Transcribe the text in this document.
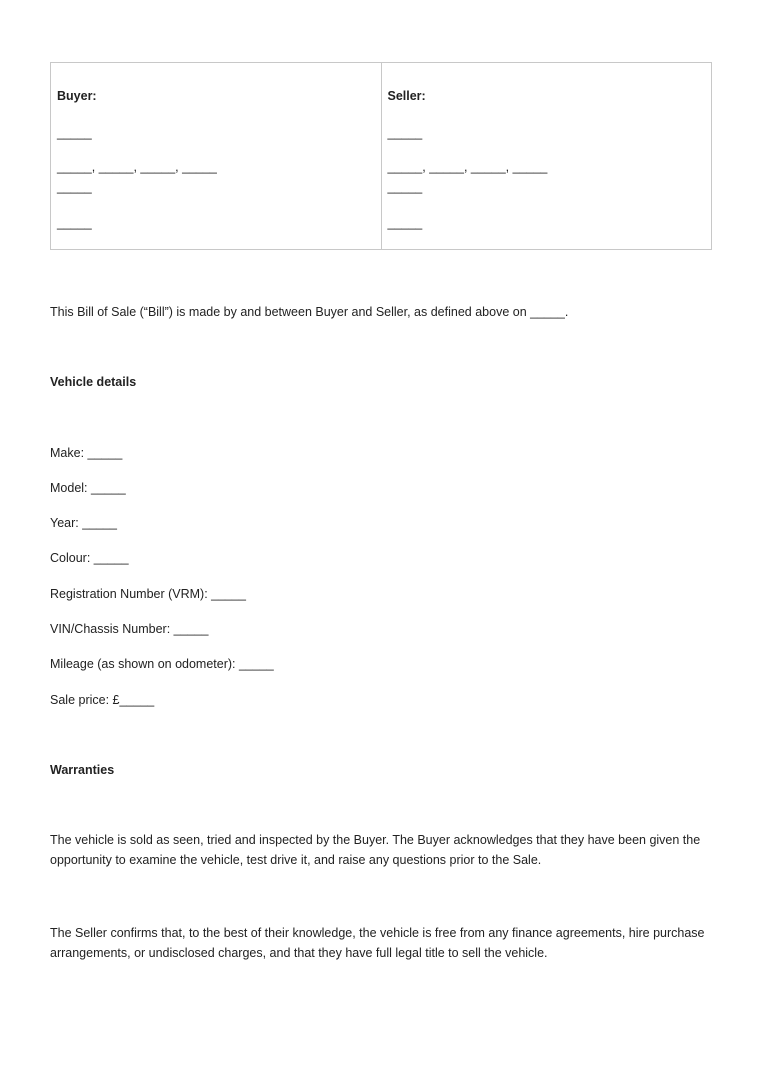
Buyer:
_____
_____, _____, _____, _____
_____
_____
Seller:
_____
_____, _____, _____, _____
_____
_____
This Bill of Sale (“Bill”) is made by and between Buyer and Seller, as defined above on _____.
Vehicle details
Make: _____
Model: _____
Year: _____
Colour: _____
Registration Number (VRM): _____
VIN/Chassis Number: _____
Mileage (as shown on odometer): _____
Sale price: £_____
Warranties
The vehicle is sold as seen, tried and inspected by the Buyer. The Buyer acknowledges that they have been given the opportunity to examine the vehicle, test drive it, and raise any questions prior to the Sale.
The Seller confirms that, to the best of their knowledge, the vehicle is free from any finance agreements, hire purchase arrangements, or undisclosed charges, and that they have full legal title to sell the vehicle.
